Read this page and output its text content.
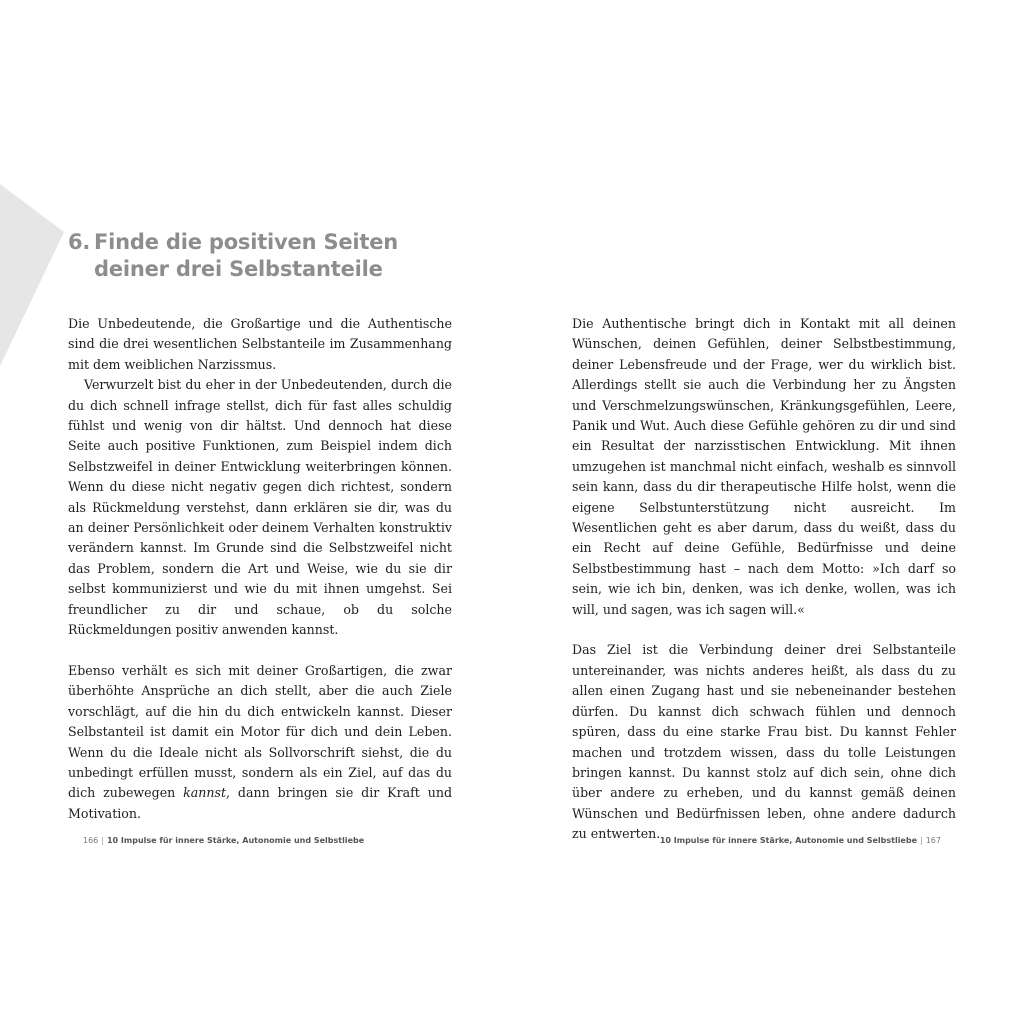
6. Finde die positiven Seiten
deiner drei Selbstanteile

Die Unbedeutende, die Großartige und die Authentische sind die drei wesentlichen Selbstanteile im Zusammenhang mit dem weiblichen Narzissmus.

Verwurzelt bist du eher in der Unbedeutenden, durch die du dich schnell infrage stellst, dich für fast alles schuldig fühlst und wenig von dir hältst. Und dennoch hat diese Seite auch positive Funktionen, zum Beispiel indem dich Selbstzweifel in deiner Entwicklung weiterbringen können. Wenn du diese nicht negativ gegen dich richtest, sondern als Rückmeldung verstehst, dann erklären sie dir, was du an deiner Persönlichkeit oder deinem Verhalten konstruktiv verändern kannst. Im Grunde sind die Selbstzweifel nicht das Problem, sondern die Art und Weise, wie du sie dir selbst kommunizierst und wie du mit ihnen umgehst. Sei freundlicher zu dir und schaue, ob du solche Rückmeldungen positiv anwenden kannst.

Ebenso verhält es sich mit deiner Großartigen, die zwar überhöhte Ansprüche an dich stellt, aber die auch Ziele vorschlägt, auf die hin du dich entwickeln kannst. Dieser Selbstanteil ist damit ein Motor für dich und dein Leben. Wenn du die Ideale nicht als Sollvorschrift siehst, die du unbedingt erfüllen musst, sondern als ein Ziel, auf das du dich zubewegen kannst, dann bringen sie dir Kraft und Motivation.

Die Authentische bringt dich in Kontakt mit all deinen Wünschen, deinen Gefühlen, deiner Selbstbestimmung, deiner Lebensfreude und der Frage, wer du wirklich bist. Allerdings stellt sie auch die Verbindung her zu Ängsten und Verschmelzungswünschen, Kränkungsgefühlen, Leere, Panik und Wut. Auch diese Gefühle gehören zu dir und sind ein Resultat der narzisstischen Entwicklung. Mit ihnen umzugehen ist manchmal nicht einfach, weshalb es sinnvoll sein kann, dass du dir therapeutische Hilfe holst, wenn die eigene Selbstunterstützung nicht ausreicht. Im Wesentlichen geht es aber darum, dass du weißt, dass du ein Recht auf deine Gefühle, Bedürfnisse und deine Selbstbestimmung hast – nach dem Motto: »Ich darf so sein, wie ich bin, denken, was ich denke, wollen, was ich will, und sagen, was ich sagen will.«

Das Ziel ist die Verbindung deiner drei Selbstanteile untereinander, was nichts anderes heißt, als dass du zu allen einen Zugang hast und sie nebeneinander bestehen dürfen. Du kannst dich schwach fühlen und dennoch spüren, dass du eine starke Frau bist. Du kannst Fehler machen und trotzdem wissen, dass du tolle Leistungen bringen kannst. Du kannst stolz auf dich sein, ohne dich über andere zu erheben, und du kannst gemäß deinen Wünschen und Bedürfnissen leben, ohne andere dadurch zu entwerten.

166 | 10 Impulse für innere Stärke, Autonomie und Selbstliebe	10 Impulse für innere Stärke, Autonomie und Selbstliebe | 167
